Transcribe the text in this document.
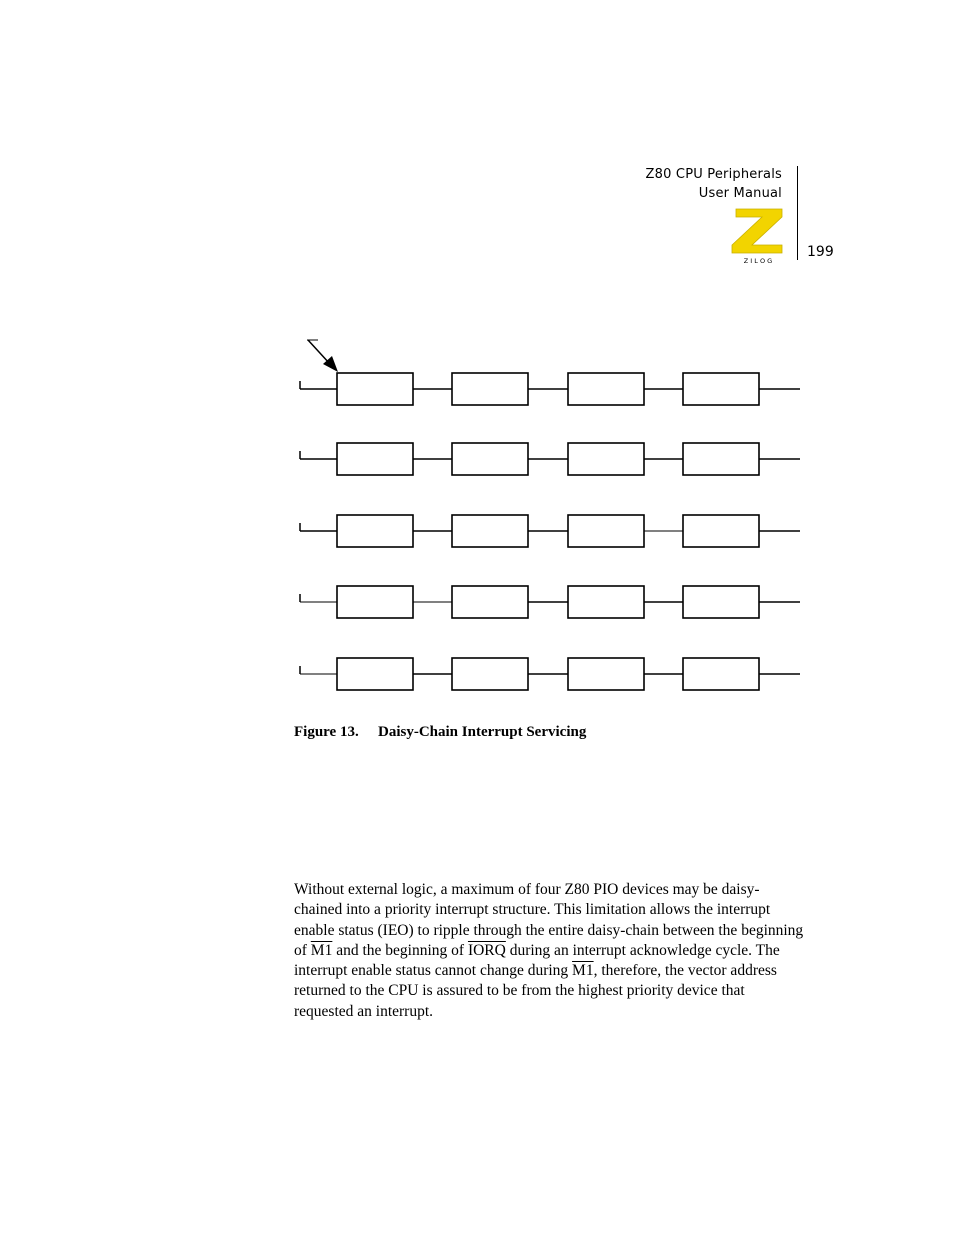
Z80 CPU Peripherals
User Manual
Z I L O G
199
Figure 13. Daisy-Chain Interrupt Servicing
Without external logic, a maximum of four Z80 PIO devices may be daisy-chained into a priority interrupt structure. This limitation allows the interrupt enable status (IEO) to ripple through the entire daisy-chain between the beginning of M1 and the beginning of IORQ during an interrupt acknowledge cycle. The interrupt enable status cannot change during M1, therefore, the vector address returned to the CPU is assured to be from the highest priority device that requested an interrupt.
